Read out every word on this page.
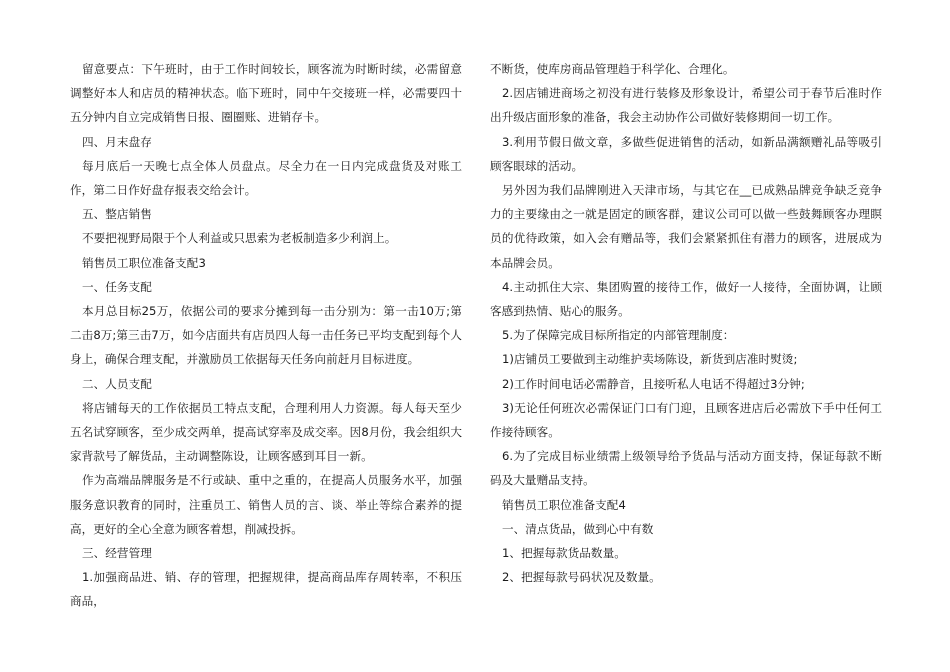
留意要点：下午班时，由于工作时间较长，顾客流为时断时续，必需留意调整好本人和店员的精神状态。临下班时，同中午交接班一样，必需要四十五分钟内自立完成销售日报、圈圈账、进销存卡。

四、月末盘存

每月底后一天晚七点全体人员盘点。尽全力在一日内完成盘货及对账工作，第二日作好盘存报表交给会计。

五、整店销售

不要把视野局限于个人利益或只思索为老板制造多少利润上。

销售员工职位准备支配3

一、任务支配

本月总目标25万，依据公司的要求分摊到每一击分别为：第一击10万;第二击8万;第三击7万，如今店面共有店员四人每一击任务已平均支配到每个人身上，确保合理支配，并激励员工依据每天任务向前赶月目标进度。

二、人员支配

将店铺每天的工作依据员工特点支配，合理利用人力资源。每人每天至少五名试穿顾客，至少成交两单，提高试穿率及成交率。因8月份，我会组织大家背款号了解货品，主动调整陈设，让顾客感到耳目一新。

作为高端品牌服务是不行或缺、重中之重的，在提高人员服务水平，加强服务意识教育的同时，注重员工、销售人员的言、谈、举止等综合素养的提高，更好的全心全意为顾客着想，削减投拆。

三、经营管理

1.加强商品进、销、存的管理，把握规律，提高商品库存周转率，不积压商品，

不断货，使库房商品管理趋于科学化、合理化。

2.因店铺进商场之初没有进行装修及形象设计，希望公司于春节后准时作出升级店面形象的准备，我会主动协作公司做好装修期间一切工作。

3.利用节假日做文章，多做些促进销售的活动，如新品满额赠礼品等吸引顾客眼球的活动。

另外因为我们品牌刚进入天津市场，与其它在__已成熟品牌竞争缺乏竞争力的主要缘由之一就是固定的顾客群，建议公司可以做一些鼓舞顾客办理瞑员的优待政策，如入会有赠品等，我们会紧紧抓住有潜力的顾客，进展成为本品牌会员。

4.主动抓住大宗、集团购置的接待工作，做好一人接待，全面协调，让顾客感到热情、贴心的服务。

5.为了保障完成目标所指定的内部管理制度：

1)店铺员工要做到主动维护卖场陈设，新货到店准时熨烫;

2)工作时间电话必需静音，且接听私人电话不得超过3分钟;

3)无论任何班次必需保证门口有门迎，且顾客进店后必需放下手中任何工作接待顾客。

6.为了完成目标业绩需上级领导给予货品与活动方面支持，保证每款不断码及大量赠品支持。

销售员工职位准备支配4

一、清点货品，做到心中有数

1、把握每款货品数量。

2、把握每款号码状况及数量。
